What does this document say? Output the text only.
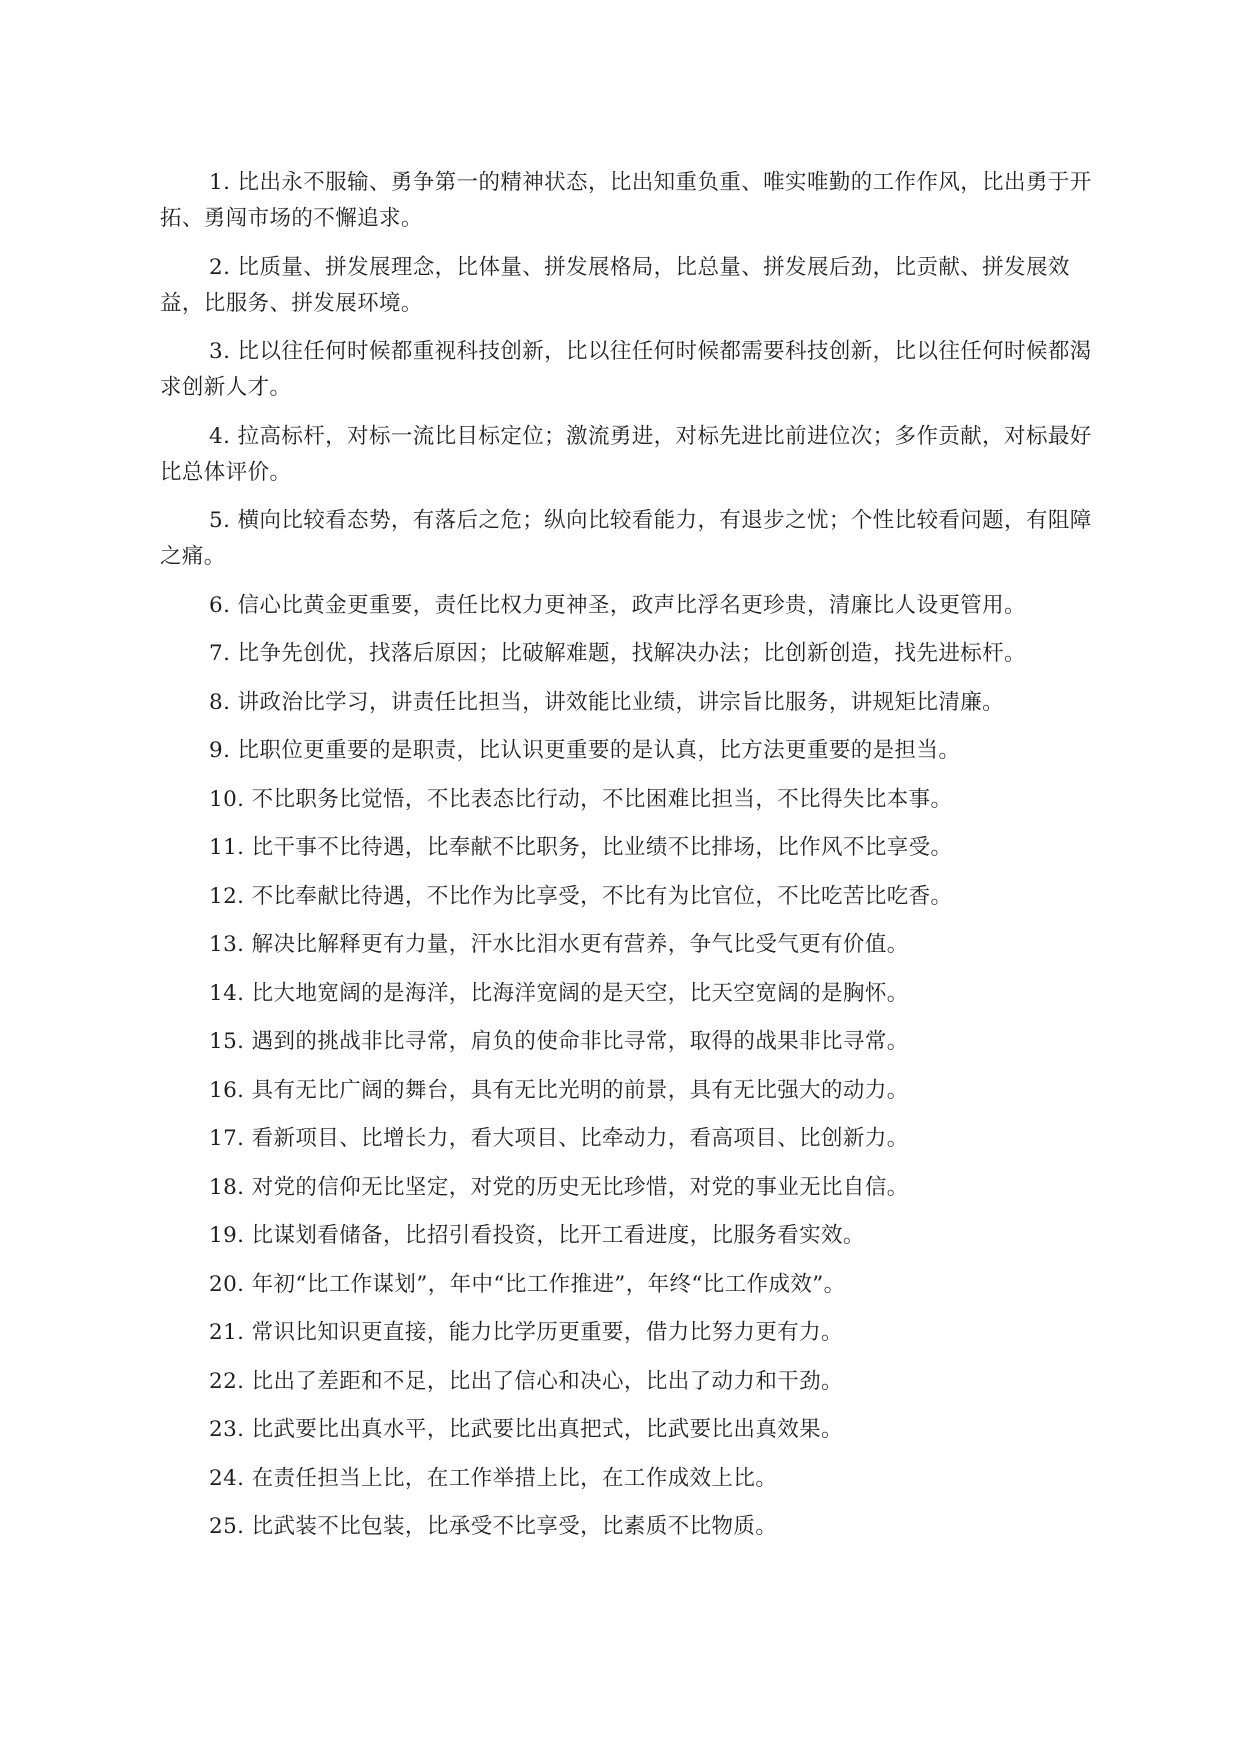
1. 比出永不服输、勇争第一的精神状态，比出知重负重、唯实唯勤的工作作风，比出勇于开拓、勇闯市场的不懈追求。

2. 比质量、拼发展理念，比体量、拼发展格局，比总量、拼发展后劲，比贡献、拼发展效益，比服务、拼发展环境。

3. 比以往任何时候都重视科技创新，比以往任何时候都需要科技创新，比以往任何时候都渴求创新人才。

4. 拉高标杆，对标一流比目标定位；激流勇进，对标先进比前进位次；多作贡献，对标最好比总体评价。

5. 横向比较看态势，有落后之危；纵向比较看能力，有退步之忧；个性比较看问题，有阻障之痛。

6. 信心比黄金更重要，责任比权力更神圣，政声比浮名更珍贵，清廉比人设更管用。

7. 比争先创优，找落后原因；比破解难题，找解决办法；比创新创造，找先进标杆。

8. 讲政治比学习，讲责任比担当，讲效能比业绩，讲宗旨比服务，讲规矩比清廉。

9. 比职位更重要的是职责，比认识更重要的是认真，比方法更重要的是担当。

10. 不比职务比觉悟，不比表态比行动，不比困难比担当，不比得失比本事。

11. 比干事不比待遇，比奉献不比职务，比业绩不比排场，比作风不比享受。

12. 不比奉献比待遇，不比作为比享受，不比有为比官位，不比吃苦比吃香。

13. 解决比解释更有力量，汗水比泪水更有营养，争气比受气更有价值。

14. 比大地宽阔的是海洋，比海洋宽阔的是天空，比天空宽阔的是胸怀。

15. 遇到的挑战非比寻常，肩负的使命非比寻常，取得的战果非比寻常。

16. 具有无比广阔的舞台，具有无比光明的前景，具有无比强大的动力。

17. 看新项目、比增长力，看大项目、比牵动力，看高项目、比创新力。

18. 对党的信仰无比坚定，对党的历史无比珍惜，对党的事业无比自信。

19. 比谋划看储备，比招引看投资，比开工看进度，比服务看实效。

20. 年初“比工作谋划”，年中“比工作推进”，年终“比工作成效”。

21. 常识比知识更直接，能力比学历更重要，借力比努力更有力。

22. 比出了差距和不足，比出了信心和决心，比出了动力和干劲。

23. 比武要比出真水平，比武要比出真把式，比武要比出真效果。

24. 在责任担当上比，在工作举措上比，在工作成效上比。

25. 比武装不比包装，比承受不比享受，比素质不比物质。
